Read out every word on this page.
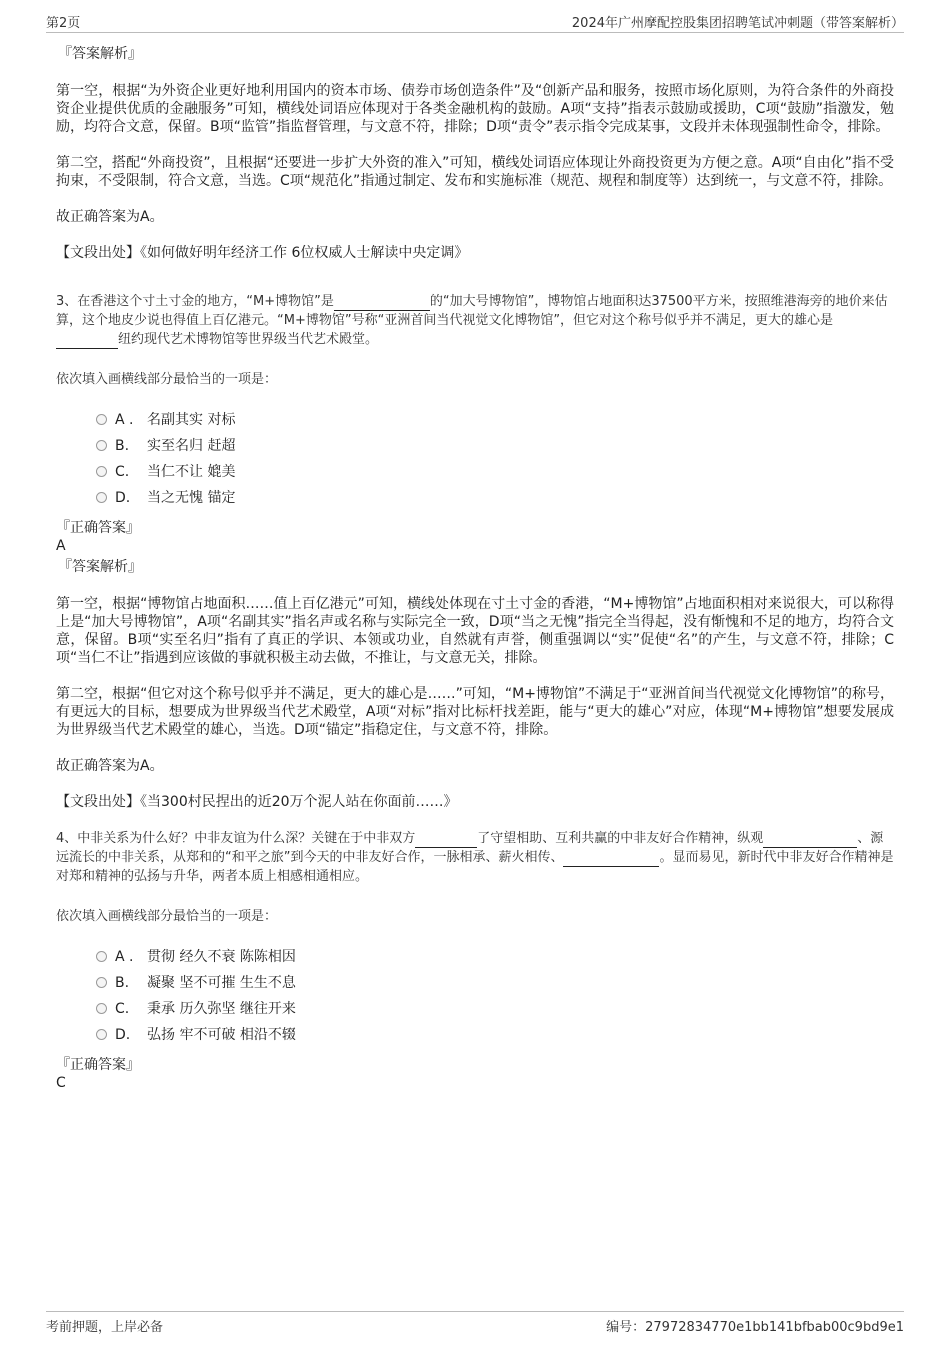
第2页	2024年广州摩配控股集团招聘笔试冲刺题（带答案解析）
『答案解析』

第一空，根据“为外资企业更好地利用国内的资本市场、债券市场创造条件”及“创新产品和服务，按照市场化原则，为符合条件的外商投资企业提供优质的金融服务”可知，横线处词语应体现对于各类金融机构的鼓励。A项“支持”指表示鼓励或援助，C项“鼓励”指激发，勉励，均符合文意，保留。B项“监管”指监督管理，与文意不符，排除；D项“责令”表示指令完成某事，文段并未体现强制性命令，排除。

第二空，搭配“外商投资”，且根据“还要进一步扩大外资的准入”可知，横线处词语应体现让外商投资更为方便之意。A项“自由化”指不受拘束，不受限制，符合文意，当选。C项“规范化”指通过制定、发布和实施标准（规范、规程和制度等）达到统一，与文意不符，排除。

故正确答案为A。

【文段出处】《如何做好明年经济工作 6位权威人士解读中央定调》

3、在香港这个寸土寸金的地方，“M+博物馆”是	的“加大号博物馆”，博物馆占地面积达37500平方米，按照维港海旁的地价来估算，这个地皮少说也得值上百亿港元。“M+博物馆”号称“亚洲首间当代视觉文化博物馆”，但它对这个称号似乎并不满足，更大的雄心是纽约现代艺术博物馆等世界级当代艺术殿堂。
依次填入画横线部分最恰当的一项是：
A . 名副其实 对标
B. 实至名归 赶超
C. 当仁不让 媲美
D. 当之无愧 锚定
『正确答案』
A
『答案解析』

第一空，根据“博物馆占地面积……值上百亿港元”可知，横线处体现在寸土寸金的香港，“M+博物馆”占地面积相对来说很大，可以称得上是“加大号博物馆”，A项“名副其实”指名声或名称与实际完全一致，D项“当之无愧”指完全当得起，没有惭愧和不足的地方，均符合文意，保留。B项“实至名归”指有了真正的学识、本领或功业，自然就有声誉，侧重强调以“实”促使“名”的产生，与文意不符，排除；C项“当仁不让”指遇到应该做的事就积极主动去做，不推让，与文意无关，排除。

第二空，根据“但它对这个称号似乎并不满足，更大的雄心是……”可知，“M+博物馆”不满足于“亚洲首间当代视觉文化博物馆”的称号，有更远大的目标，想要成为世界级当代艺术殿堂，A项“对标”指对比标杆找差距，能与“更大的雄心”对应，体现“M+博物馆”想要发展成为世界级当代艺术殿堂的雄心，当选。D项“锚定”指稳定住，与文意不符，排除。

故正确答案为A。

【文段出处】《当300村民捏出的近20万个泥人站在你面前……》

4、中非关系为什么好？中非友谊为什么深？关键在于中非双方	了守望相助、互利共赢的中非友好合作精神，纵观	、源远流长的中非关系，从郑和的“和平之旅”到今天的中非友好合作，一脉相承、薪火相传、	。显而易见，新时代中非友好合作精神是对郑和精神的弘扬与升华，两者本质上相感相通相应。
依次填入画横线部分最恰当的一项是：
A . 贯彻 经久不衰 陈陈相因
B. 凝聚 坚不可摧 生生不息
C. 秉承 历久弥坚 继往开来
D. 弘扬 牢不可破 相沿不辍
『正确答案』
C
考前押题，上岸必备	编号：27972834770e1bb141bfbab00c9bd9e1
